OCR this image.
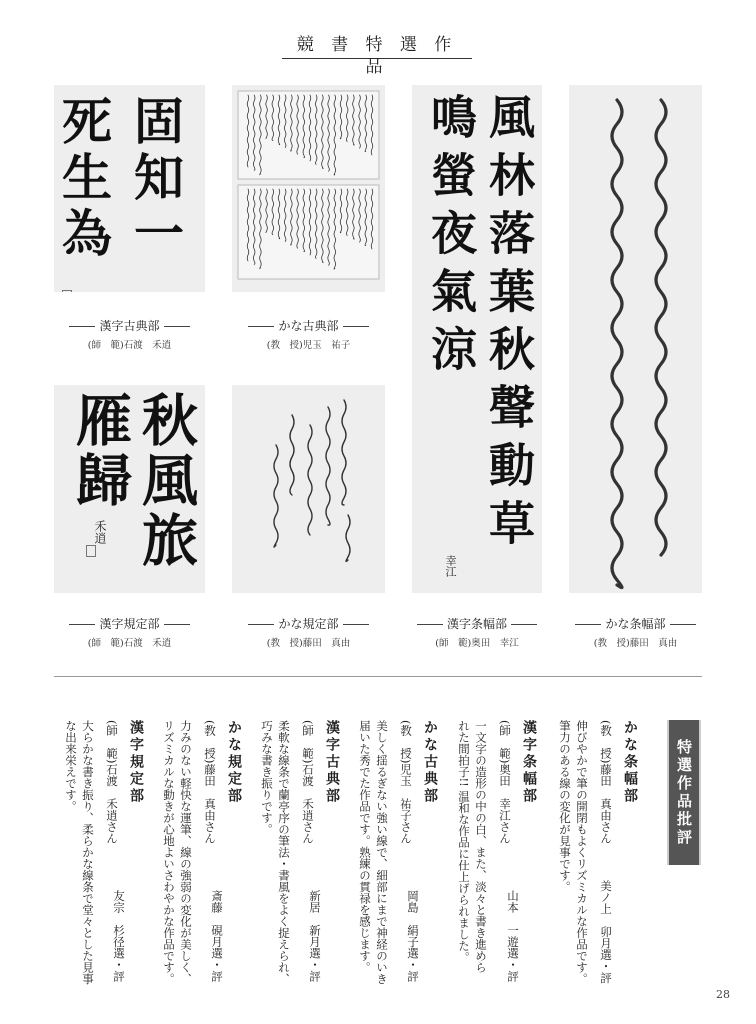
競 書 特 選 作 品
固知一死生為
秋風旅雁歸
禾逍	風林落葉秋聲動草鳴螢夜氣涼
幸江
漢字古典部
(師　範)石渡　禾逍
かな古典部
(教　授)児玉　祐子
漢字規定部
(師　範)石渡　禾逍
かな規定部
(教　授)藤田　真由
漢字条幅部
(師　範)奥田　幸江
かな条幅部
(教　授)藤田　真由
特選作品批評
かな条幅部
(教　授)藤田　真由さん
伸びやかで筆の開閉もよくリズミカルな作品です。
筆力のある線の変化が見事です。
美ノ上　卯月選・評
漢字条幅部
(師　範)奥田　幸江さん
一文字の造形の中の白、また、淡々と書き進めら
れた間拍子!! 温和な作品に仕上げられました。	山本　一遊選・評
かな古典部
(教　授)児玉　祐子さん
美しく揺るぎない強い線で、細部にまで神経のいき
届いた秀でた作品です。熟練の貫禄を感じます。	岡島　絹子選・評
漢字古典部
(師　範)石渡　禾逍さん
柔軟な線条で蘭亭序の筆法・書風をよく捉えられ、
巧みな書き振りです。
新居　新月選・評
かな規定部
(教　授)藤田　真由さん
力みのない軽快な運筆、線の強弱の変化が美しく、
リズミカルな動きが心地よいさわやかな作品です。	斎藤　硯月選・評
漢字規定部
(師　範)石渡　禾逍さん
大らかな書き振り、柔らかな線条で堂々とした見事
な出来栄えです。
友宗　杉径選・評
28
